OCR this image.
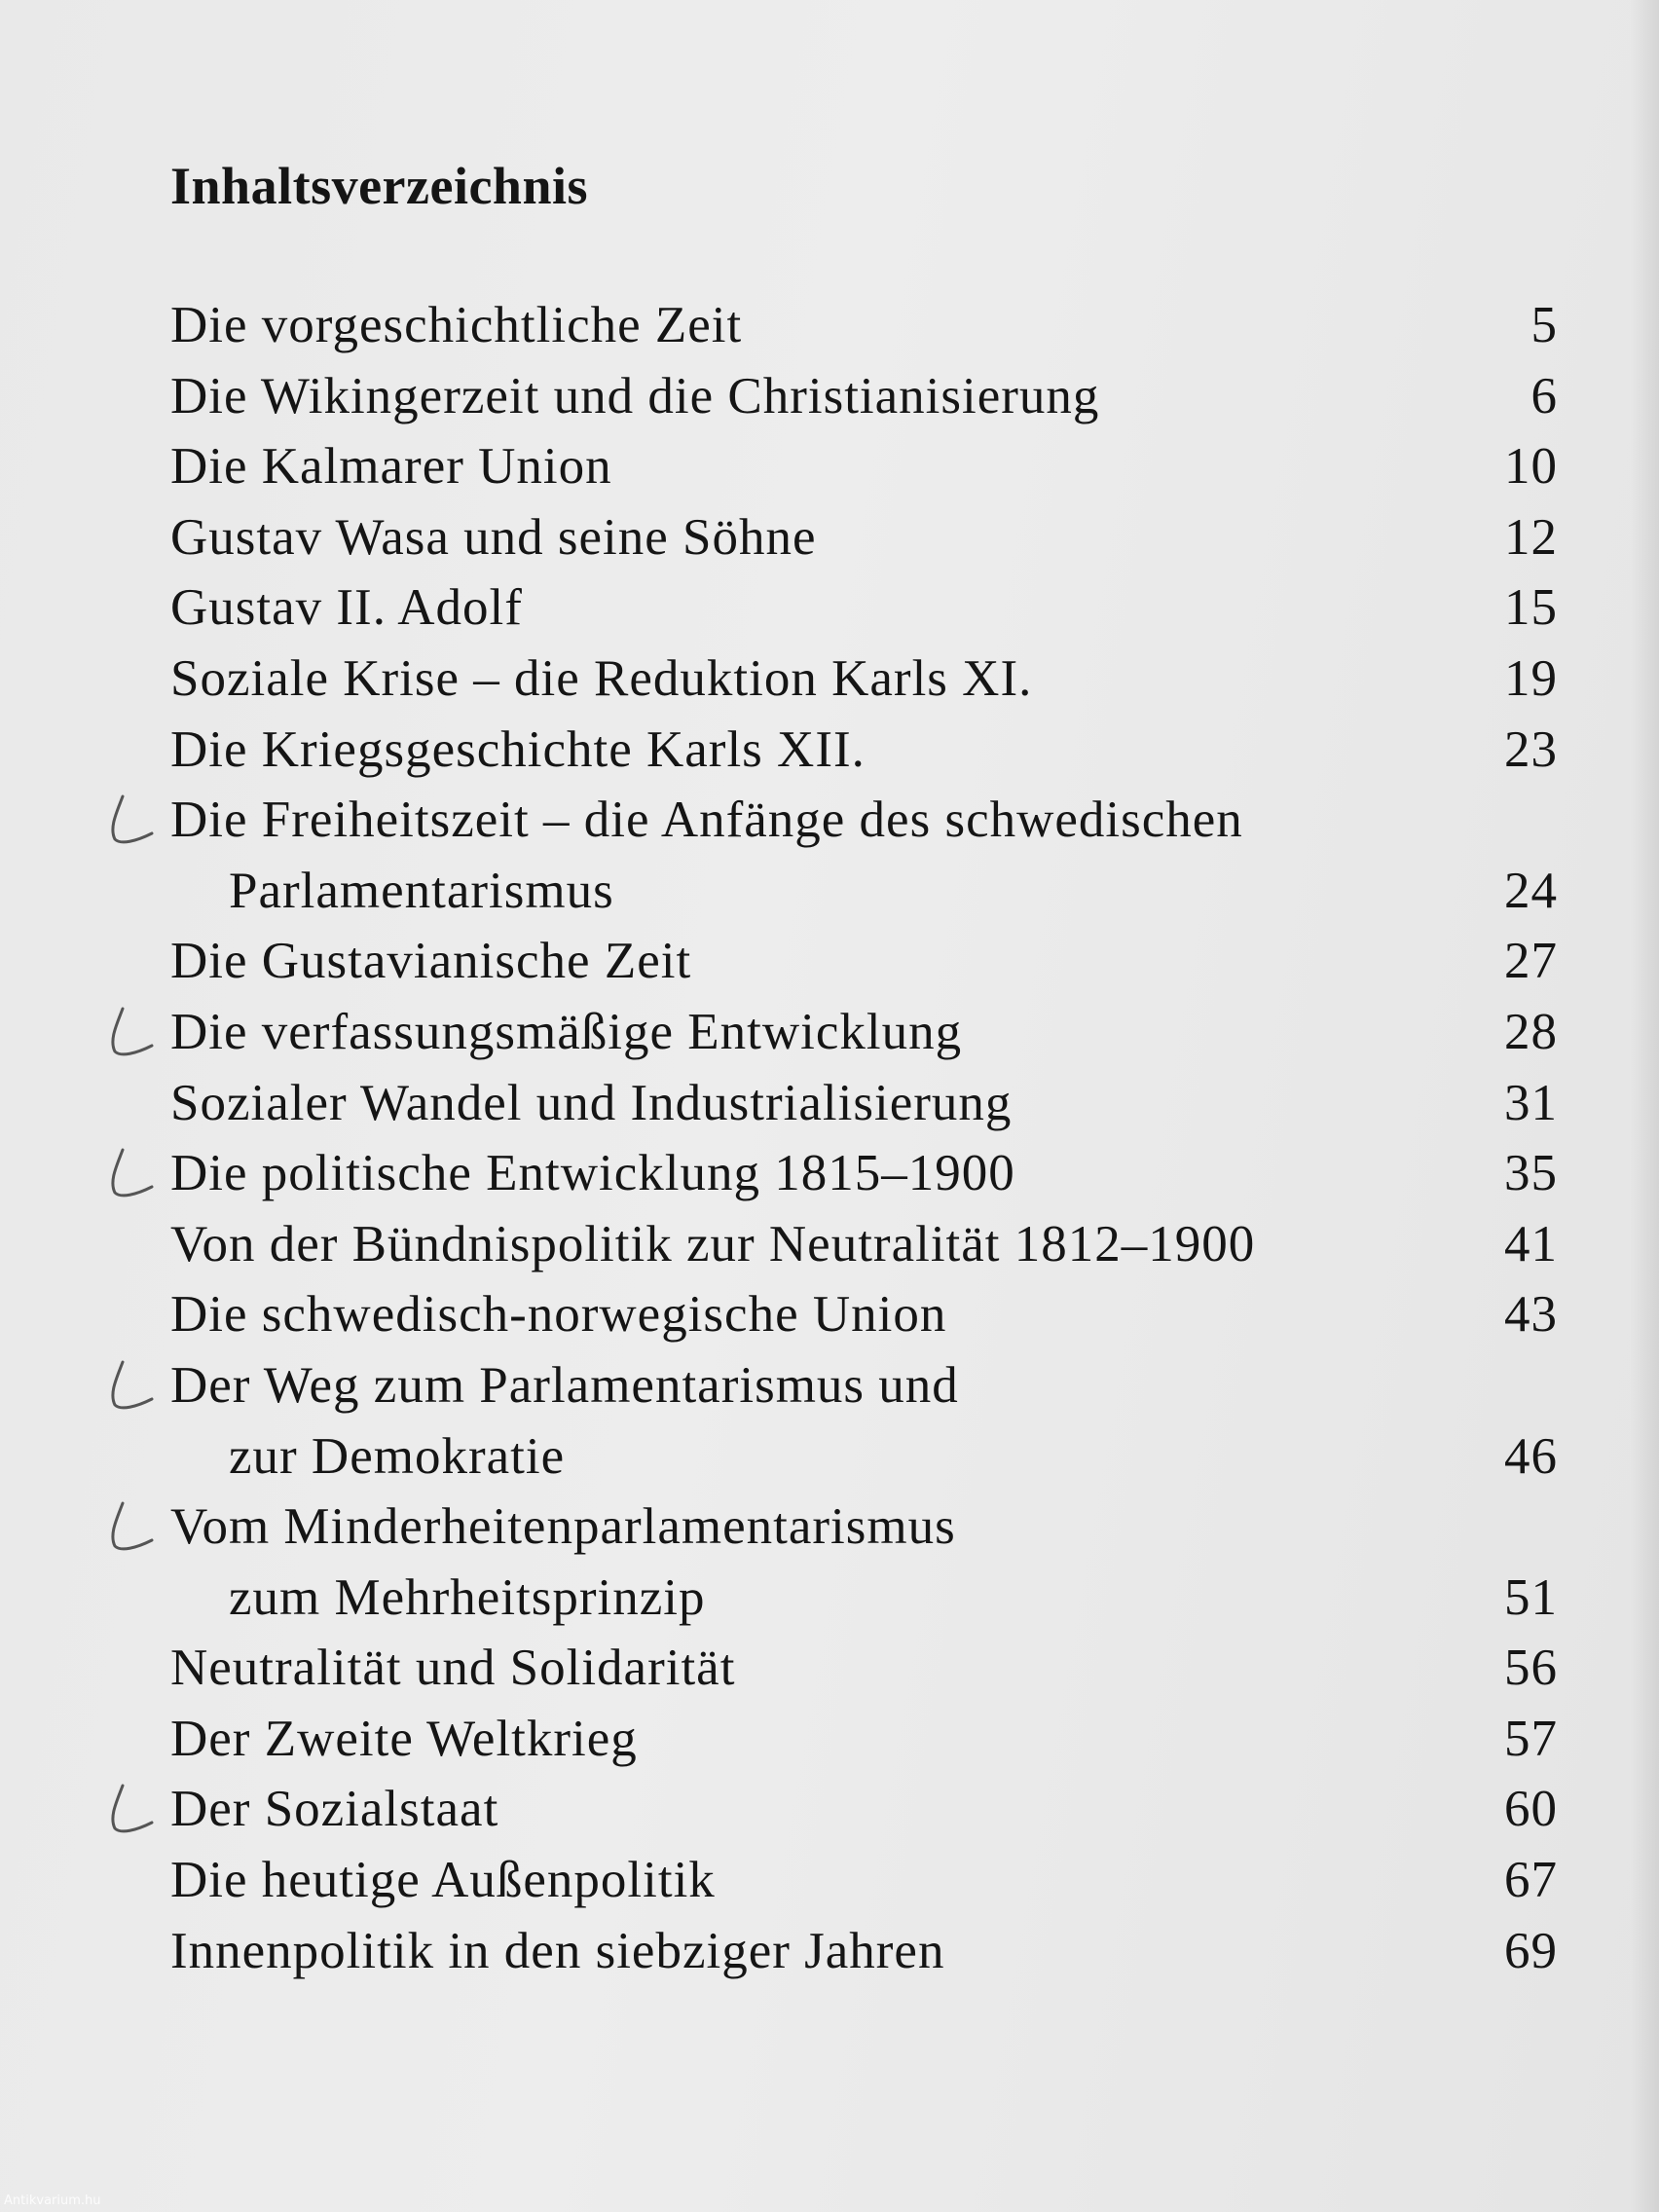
Inhaltsverzeichnis
Die vorgeschichtliche Zeit	5
Die Wikingerzeit und die Christianisierung	6
Die Kalmarer Union	10
Gustav Wasa und seine Söhne	12
Gustav II. Adolf	15
Soziale Krise – die Reduktion Karls XI.	19
Die Kriegsgeschichte Karls XII.	23
Die Freiheitszeit – die Anfänge des schwedischen
Parlamentarismus	24
Die Gustavianische Zeit	27
Die verfassungsmäßige Entwicklung	28
Sozialer Wandel und Industrialisierung	31
Die politische Entwicklung 1815–1900	35
Von der Bündnispolitik zur Neutralität 1812–1900	41
Die schwedisch-norwegische Union	43
Der Weg zum Parlamentarismus und
zur Demokratie	46
Vom Minderheitenparlamentarismus
zum Mehrheitsprinzip	51
Neutralität und Solidarität	56
Der Zweite Weltkrieg	57
Der Sozialstaat	60
Die heutige Außenpolitik	67
Innenpolitik in den siebziger Jahren	69
Antikvarium.hu
